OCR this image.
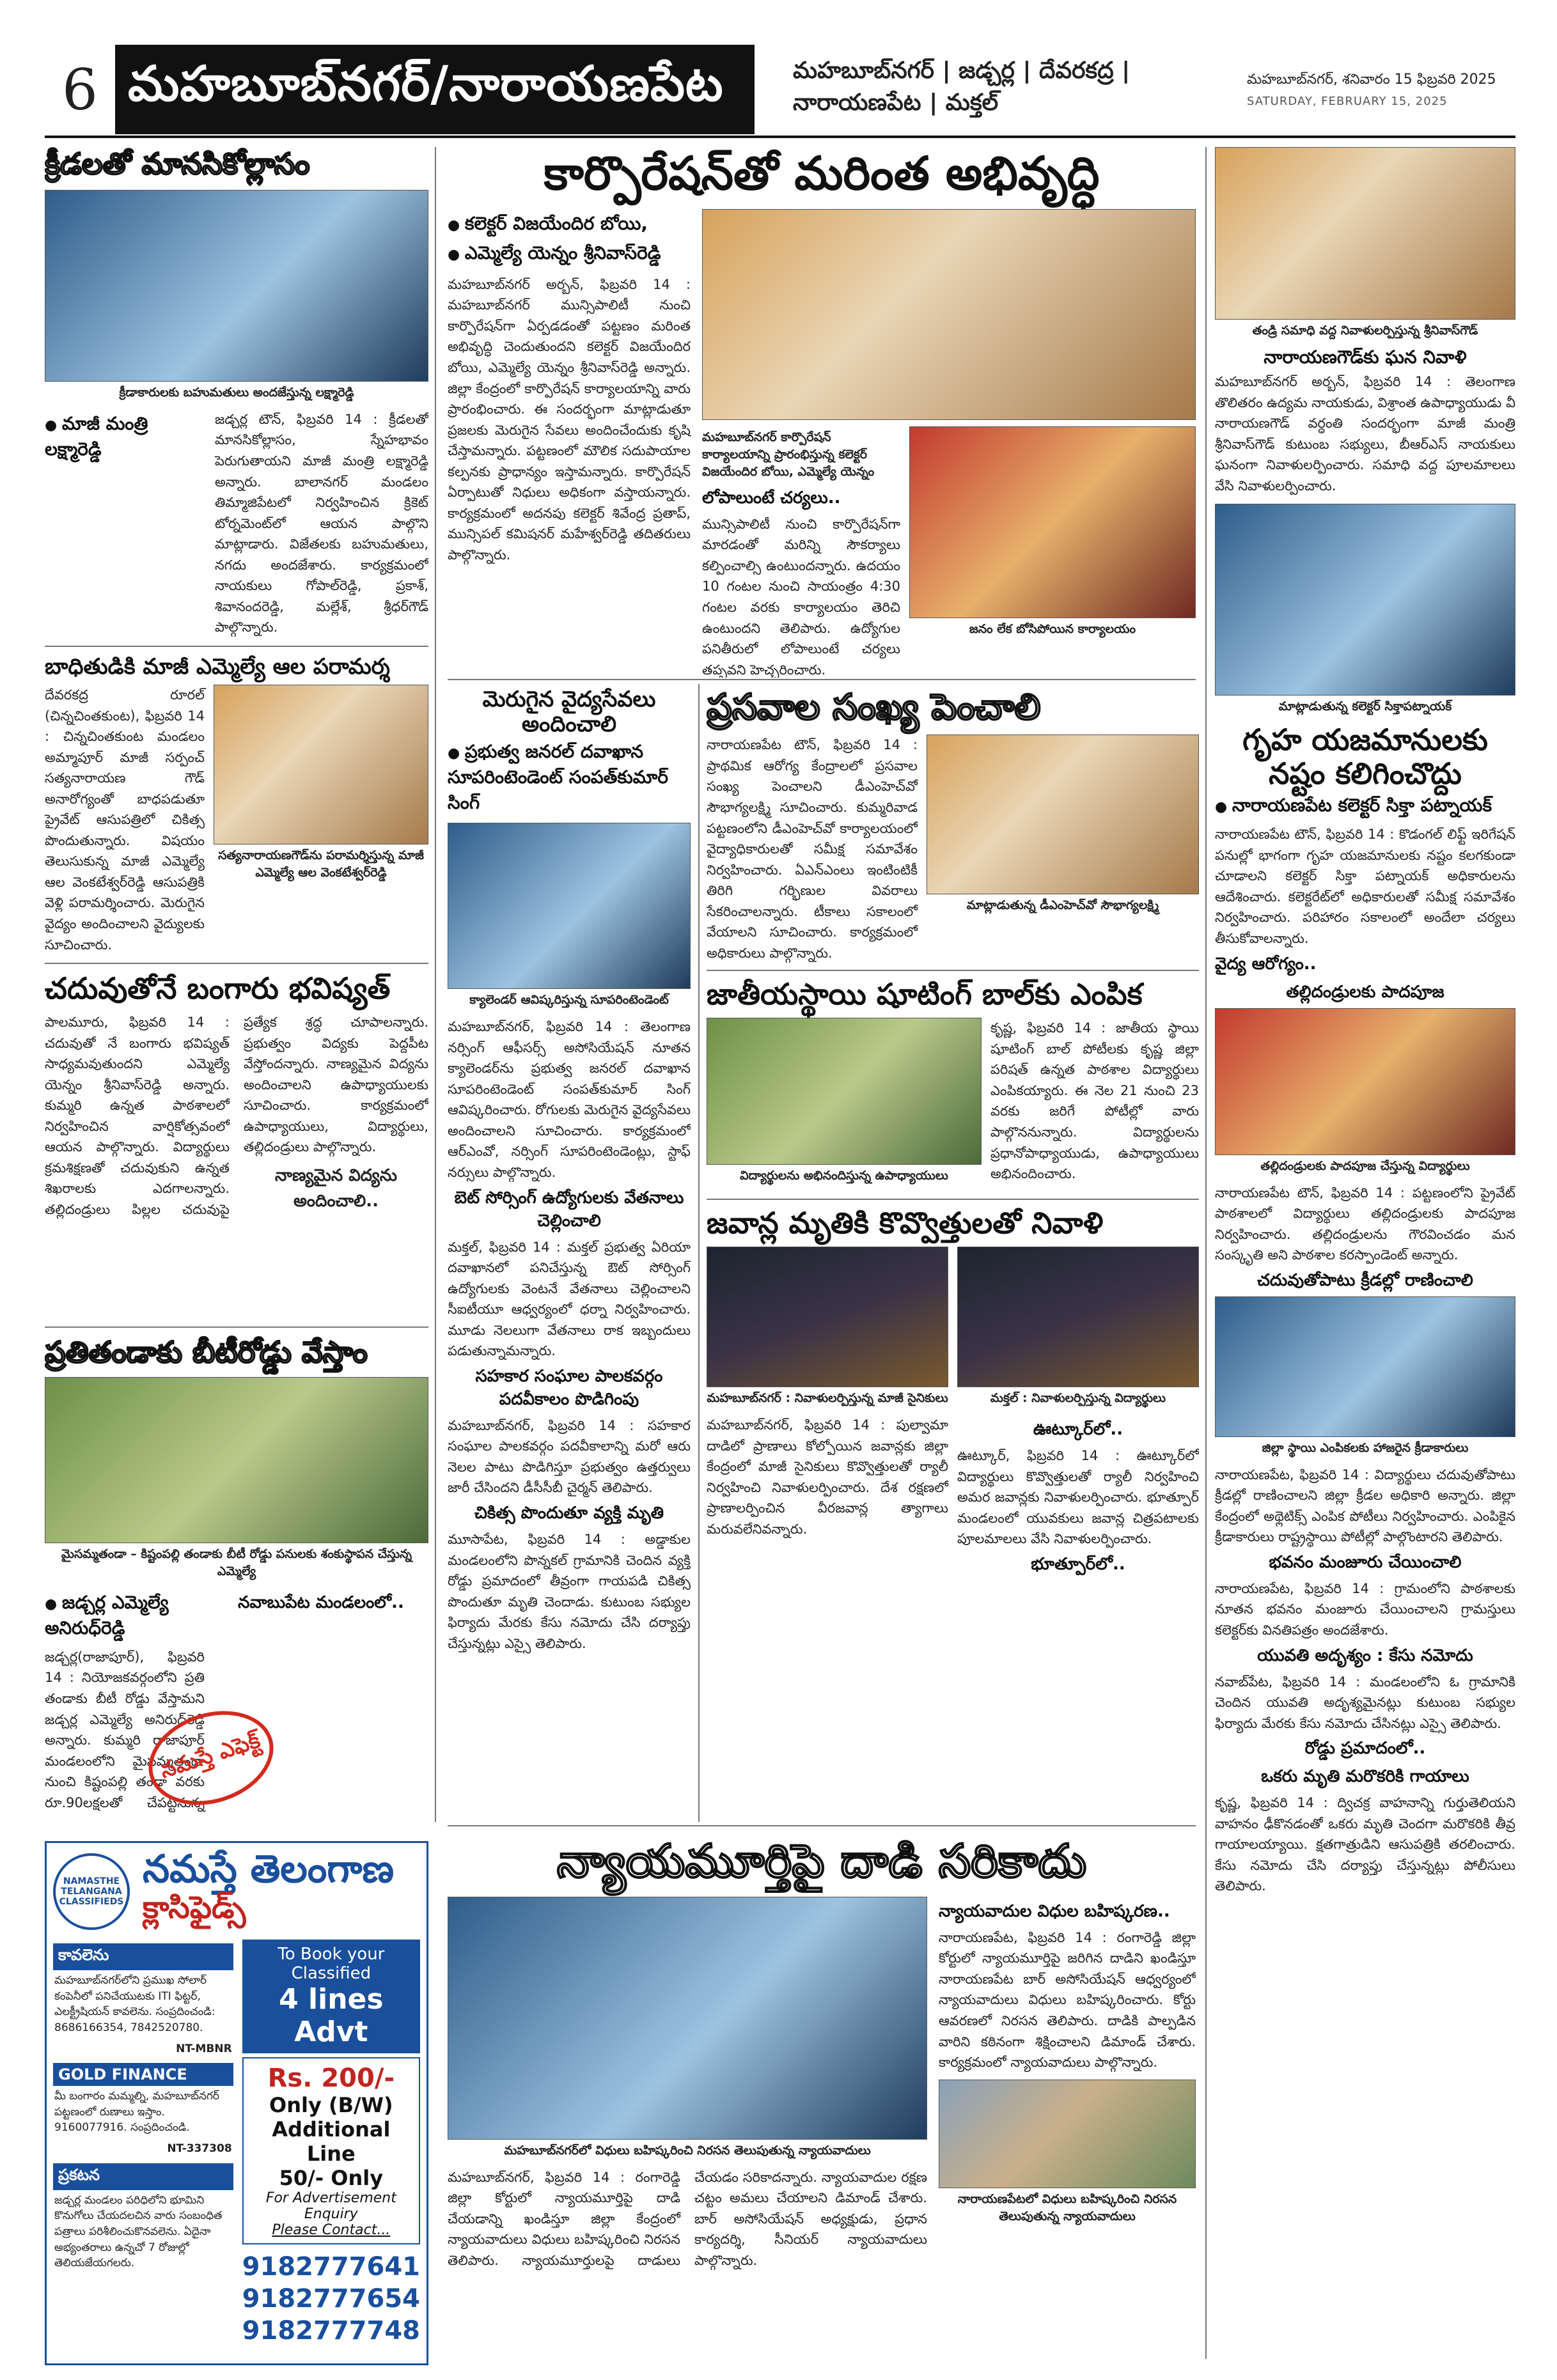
6 మహబూబ్‌నగర్/నారాయణపేట	మహబూబ్‌నగర్ | జడ్చర్ల | దేవరకద్ర | నారాయణపేట | మక్తల్
మహబూబ్‌నగర్, శనివారం 15 ఫిబ్రవరి 2025
SATURDAY, FEBRUARY 15, 2025
క్రీడలతో మానసికోల్లాసం
క్రీడాకారులకు బహుమతులు అందజేస్తున్న లక్ష్మారెడ్డి
● మాజీ మంత్రి లక్ష్మారెడ్డి
జడ్చర్ల టౌన్, ఫిబ్రవరి 14 : క్రీడలతో మానసికోల్లాసం, స్నేహభావం పెరుగుతాయని మాజీ మంత్రి లక్ష్మారెడ్డి అన్నారు. బాలానగర్ మండలం తిమ్మాజిపేటలో నిర్వహించిన క్రికెట్ టోర్నమెంట్‌లో ఆయన పాల్గొని మాట్లాడారు. విజేతలకు బహుమతులు, నగదు అందజేశారు. కార్యక్రమంలో నాయకులు గోపాల్‌రెడ్డి, ప్రకాశ్, శివానందరెడ్డి, మల్లేశ్, శ్రీధర్‌గౌడ్ పాల్గొన్నారు.
బాధితుడికి మాజీ ఎమ్మెల్యే ఆల పరామర్శ
దేవరకద్ర రూరల్ (చిన్నచింతకుంట), ఫిబ్రవరి 14 : చిన్నచింతకుంట మండలం అమ్మాపూర్ మాజీ సర్పంచ్ సత్యనారాయణ గౌడ్ అనారోగ్యంతో బాధపడుతూ ప్రైవేట్ ఆసుపత్రిలో చికిత్స పొందుతున్నారు. విషయం తెలుసుకున్న మాజీ ఎమ్మెల్యే ఆల వెంకటేశ్వర్‌రెడ్డి ఆసుపత్రికి వెళ్లి పరామర్శించారు. మెరుగైన వైద్యం అందించాలని వైద్యులకు సూచించారు.
సత్యనారాయణగౌడ్‌ను పరామర్శిస్తున్న మాజీ ఎమ్మెల్యే ఆల వెంకటేశ్వర్‌రెడ్డి
చదువుతోనే బంగారు భవిష్యత్
పాలమూరు, ఫిబ్రవరి 14 : చదువుతో నే బంగారు భవిష్యత్ సాధ్యమవుతుందని ఎమ్మెల్యే యెన్నం శ్రీనివాస్‌రెడ్డి అన్నారు. కుమ్మరి ఉన్నత పాఠశాలలో నిర్వహించిన వార్షికోత్సవంలో ఆయన పాల్గొన్నారు. విద్యార్థులు క్రమశిక్షణతో చదువుకుని ఉన్నత శిఖరాలకు ఎదగాలన్నారు. తల్లిదండ్రులు పిల్లల చదువుపై ప్రత్యేక శ్రద్ధ చూపాలన్నారు. ప్రభుత్వం విద్యకు పెద్దపీట వేస్తోందన్నారు. నాణ్యమైన విద్యను అందించాలని ఉపాధ్యాయులకు సూచించారు. కార్యక్రమంలో ఉపాధ్యాయులు, విద్యార్థులు, తల్లిదండ్రులు పాల్గొన్నారు.
నాణ్యమైన విద్యను అందించాలి..
ప్రతితండాకు బీటీరోడ్డు వేస్తాం
మైసమ్మతండా – కిష్టంపల్లి తండాకు బీటీ రోడ్డు పనులకు శంకుస్థాపన చేస్తున్న ఎమ్మెల్యే
● జడ్చర్ల ఎమ్మెల్యే అనిరుధ్‌రెడ్డి
జడ్చర్ల(రాజాపూర్), ఫిబ్రవరి 14 : నియోజకవర్గంలోని ప్రతి తండాకు బీటీ రోడ్డు వేస్తామని జడ్చర్ల ఎమ్మెల్యే అనిరుధ్‌రెడ్డి అన్నారు. కుమ్మరి రాజాపూర్ మండలంలోని మైసమ్మతండా నుంచి కిష్టంపల్లి తండా వరకు రూ.90లక్షలతో చేపట్టనున్న
నవాబుపేట మండలంలో..
నమస్తే ఎఫెక్ట్
NAMASTHE TELANGANA CLASSIFIEDS
నమస్తే తెలంగాణ
క్లాసిఫైడ్స్
కావలెను
మహబూబ్‌నగర్‌లోని ప్రముఖ సోలార్ కంపెనీలో పనిచేయుటకు ITI ఫిట్టర్, ఎలక్ట్రీషియన్ కావలెను. సంప్రదించండి: 8686166354, 7842520780.
NT-MBNR
GOLD FINANCE
మీ బంగారం మమ్మల్ని, మహబూబ్‌నగర్ పట్టణంలో రుణాలు ఇస్తాం. 9160077916. సంప్రదించండి.
NT-337308
ప్రకటన
జడ్చర్ల మండలం పరిధిలోని భూమిని కొనుగోలు చేయదలచిన వారు సంబంధిత పత్రాలు పరిశీలించుకొనవలెను. ఏదైనా అభ్యంతరాలు ఉన్నచో 7 రోజుల్లో తెలియజేయగలరు.
To Book your Classified
4 lines Advt
Rs. 200/-
Only (B/W)
Additional Line
50/- Only
For Advertisement Enquiry
Please Contact...
9182777641
9182777654
9182777748
కార్పొరేషన్‌తో మరింత అభివృద్ధి
● కలెక్టర్ విజయేందిర బోయి,
● ఎమ్మెల్యే యెన్నం శ్రీనివాస్‌రెడ్డి
మహబూబ్‌నగర్ అర్బన్, ఫిబ్రవరి 14 : మహబూబ్‌నగర్ మున్సిపాలిటీ నుంచి కార్పొరేషన్‌గా ఏర్పడడంతో పట్టణం మరింత అభివృద్ధి చెందుతుందని కలెక్టర్ విజయేందిర బోయి, ఎమ్మెల్యే యెన్నం శ్రీనివాస్‌రెడ్డి అన్నారు. జిల్లా కేంద్రంలో కార్పొరేషన్ కార్యాలయాన్ని వారు ప్రారంభించారు. ఈ సందర్భంగా మాట్లాడుతూ ప్రజలకు మెరుగైన సేవలు అందించేందుకు కృషి చేస్తామన్నారు. పట్టణంలో మౌలిక సదుపాయాల కల్పనకు ప్రాధాన్యం ఇస్తామన్నారు. కార్పొరేషన్ ఏర్పాటుతో నిధులు అధికంగా వస్తాయన్నారు. కార్యక్రమంలో అదనపు కలెక్టర్ శివేంద్ర ప్రతాప్, మున్సిపల్ కమిషనర్ మహేశ్వర్‌రెడ్డి తదితరులు పాల్గొన్నారు.
మహబూబ్‌నగర్ కార్పొరేషన్ కార్యాలయాన్ని ప్రారంభిస్తున్న కలెక్టర్ విజయేందిర బోయి, ఎమ్మెల్యే యెన్నం
లోపాలుంటే చర్యలు..
మున్సిపాలిటీ నుంచి కార్పొరేషన్‌గా మారడంతో మరిన్ని సౌకర్యాలు కల్పించాల్సి ఉంటుందన్నారు. ఉదయం 10 గంటల నుంచి సాయంత్రం 4:30 గంటల వరకు కార్యాలయం తెరిచి ఉంటుందని తెలిపారు. ఉద్యోగుల పనితీరులో లోపాలుంటే చర్యలు తప్పవని హెచ్చరించారు.
జనం లేక బోసిపోయిన కార్యాలయం
మెరుగైన వైద్యసేవలు అందించాలి
● ప్రభుత్వ జనరల్ దవాఖాన సూపరింటెండెంట్ సంపత్‌కుమార్ సింగ్
క్యాలెండర్ ఆవిష్కరిస్తున్న సూపరింటెండెంట్
మహబూబ్‌నగర్, ఫిబ్రవరి 14 : తెలంగాణ నర్సింగ్ ఆఫీసర్స్ అసోసియేషన్ నూతన క్యాలెండర్‌ను ప్రభుత్వ జనరల్ దవాఖాన సూపరింటెండెంట్ సంపత్‌కుమార్ సింగ్ ఆవిష్కరించారు. రోగులకు మెరుగైన వైద్యసేవలు అందించాలని సూచించారు. కార్యక్రమంలో ఆర్‌ఎంవో, నర్సింగ్ సూపరింటెండెంట్లు, స్టాఫ్ నర్సులు పాల్గొన్నారు.
బెట్ సోర్సింగ్ ఉద్యోగులకు వేతనాలు చెల్లించాలి
మక్తల్, ఫిబ్రవరి 14 : మక్తల్ ప్రభుత్వ ఏరియా దవాఖానలో పనిచేస్తున్న ఔట్ సోర్సింగ్ ఉద్యోగులకు వెంటనే వేతనాలు చెల్లించాలని సీఐటీయూ ఆధ్వర్యంలో ధర్నా నిర్వహించారు. మూడు నెలలుగా వేతనాలు రాక ఇబ్బందులు పడుతున్నామన్నారు.
సహకార సంఘాల పాలకవర్గం పదవీకాలం పొడిగింపు
మహబూబ్‌నగర్, ఫిబ్రవరి 14 : సహకార సంఘాల పాలకవర్గం పదవీకాలాన్ని మరో ఆరు నెలల పాటు పొడిగిస్తూ ప్రభుత్వం ఉత్తర్వులు జారీ చేసిందని డీసీసీబీ చైర్మన్ తెలిపారు.
చికిత్స పొందుతూ వ్యక్తి మృతి
మూసాపేట, ఫిబ్రవరి 14 : అడ్డాకుల మండలంలోని పొన్నకల్ గ్రామానికి చెందిన వ్యక్తి రోడ్డు ప్రమాదంలో తీవ్రంగా గాయపడి చికిత్స పొందుతూ మృతి చెందాడు. కుటుంబ సభ్యుల ఫిర్యాదు మేరకు కేసు నమోదు చేసి దర్యాప్తు చేస్తున్నట్లు ఎస్సై తెలిపారు.
ప్రసవాల సంఖ్య పెంచాలి
నారాయణపేట టౌన్, ఫిబ్రవరి 14 : ప్రాథమిక ఆరోగ్య కేంద్రాలలో ప్రసవాల సంఖ్య పెంచాలని డీఎంహెచ్‌వో సౌభాగ్యలక్ష్మి సూచించారు. కుమ్మరివాడ పట్టణంలోని డీఎంహెచ్‌వో కార్యాలయంలో వైద్యాధికారులతో సమీక్ష సమావేశం నిర్వహించారు. ఏఎన్‌ఎంలు ఇంటింటికీ తిరిగి గర్భిణుల వివరాలు సేకరించాలన్నారు. టీకాలు సకాలంలో వేయాలని సూచించారు. కార్యక్రమంలో అధికారులు పాల్గొన్నారు.
మాట్లాడుతున్న డీఎంహెచ్‌వో సౌభాగ్యలక్ష్మి
జాతీయస్థాయి షూటింగ్ బాల్‌కు ఎంపిక
విద్యార్థులను అభినందిస్తున్న ఉపాధ్యాయులు
కృష్ణ, ఫిబ్రవరి 14 : జాతీయ స్థాయి షూటింగ్ బాల్ పోటీలకు కృష్ణ జిల్లా పరిషత్ ఉన్నత పాఠశాల విద్యార్థులు ఎంపికయ్యారు. ఈ నెల 21 నుంచి 23 వరకు జరిగే పోటీల్లో వారు పాల్గొననున్నారు. విద్యార్థులను ప్రధానోపాధ్యాయుడు, ఉపాధ్యాయులు అభినందించారు.
జవాన్ల మృతికి కొవ్వొత్తులతో నివాళి
మహబూబ్‌నగర్ : నివాళులర్పిస్తున్న మాజీ సైనికులు	మక్తల్ : నివాళులర్పిస్తున్న విద్యార్థులు
మహబూబ్‌నగర్, ఫిబ్రవరి 14 : పుల్వామా దాడిలో ప్రాణాలు కోల్పోయిన జవాన్లకు జిల్లా కేంద్రంలో మాజీ సైనికులు కొవ్వొత్తులతో ర్యాలీ నిర్వహించి నివాళులర్పించారు. దేశ రక్షణలో ప్రాణాలర్పించిన వీరజవాన్ల త్యాగాలు మరువలేనివన్నారు.
ఊట్కూర్‌లో..
ఊట్కూర్, ఫిబ్రవరి 14 : ఊట్కూర్‌లో విద్యార్థులు కొవ్వొత్తులతో ర్యాలీ నిర్వహించి అమర జవాన్లకు నివాళులర్పించారు. భూత్పూర్ మండలంలో యువకులు జవాన్ల చిత్రపటాలకు పూలమాలలు వేసి నివాళులర్పించారు.
భూత్పూర్‌లో..
తండ్రి సమాధి వద్ద నివాళులర్పిస్తున్న శ్రీనివాస్‌గౌడ్
నారాయణగౌడ్‌కు ఘన నివాళి
మహబూబ్‌నగర్ అర్బన్, ఫిబ్రవరి 14 : తెలంగాణ తొలితరం ఉద్యమ నాయకుడు, విశ్రాంత ఉపాధ్యాయుడు వీ నారాయణగౌడ్ వర్ధంతి సందర్భంగా మాజీ మంత్రి శ్రీనివాస్‌గౌడ్ కుటుంబ సభ్యులు, బీఆర్‌ఎస్ నాయకులు ఘనంగా నివాళులర్పించారు. సమాధి వద్ద పూలమాలలు వేసి నివాళులర్పించారు.
మాట్లాడుతున్న కలెక్టర్ సిక్తాపట్నాయక్
గృహ యజమానులకు నష్టం కలిగించొద్దు
● నారాయణపేట కలెక్టర్ సిక్తా పట్నాయక్
నారాయణపేట టౌన్, ఫిబ్రవరి 14 : కొడంగల్ లిఫ్ట్ ఇరిగేషన్ పనుల్లో భాగంగా గృహ యజమానులకు నష్టం కలగకుండా చూడాలని కలెక్టర్ సిక్తా పట్నాయక్ అధికారులను ఆదేశించారు. కలెక్టరేట్‌లో అధికారులతో సమీక్ష సమావేశం నిర్వహించారు. పరిహారం సకాలంలో అందేలా చర్యలు తీసుకోవాలన్నారు.
వైద్య ఆరోగ్యం..
తల్లిదండ్రులకు పాదపూజ
తల్లిదండ్రులకు పాదపూజ చేస్తున్న విద్యార్థులు
నారాయణపేట టౌన్, ఫిబ్రవరి 14 : పట్టణంలోని ప్రైవేట్ పాఠశాలలో విద్యార్థులు తల్లిదండ్రులకు పాదపూజ నిర్వహించారు. తల్లిదండ్రులను గౌరవించడం మన సంస్కృతి అని పాఠశాల కరస్పాండెంట్ అన్నారు.
చదువుతోపాటు క్రీడల్లో రాణించాలి
జిల్లా స్థాయి ఎంపికలకు హాజరైన క్రీడాకారులు
నారాయణపేట, ఫిబ్రవరి 14 : విద్యార్థులు చదువుతోపాటు క్రీడల్లో రాణించాలని జిల్లా క్రీడల అధికారి అన్నారు. జిల్లా కేంద్రంలో అథ్లెటిక్స్ ఎంపిక పోటీలు నిర్వహించారు. ఎంపికైన క్రీడాకారులు రాష్ట్రస్థాయి పోటీల్లో పాల్గొంటారని తెలిపారు.
భవనం మంజూరు చేయించాలి
నారాయణపేట, ఫిబ్రవరి 14 : గ్రామంలోని పాఠశాలకు నూతన భవనం మంజూరు చేయించాలని గ్రామస్తులు కలెక్టర్‌కు వినతిపత్రం అందజేశారు.
యువతి అదృశ్యం : కేసు నమోదు
నవాబ్‌పేట, ఫిబ్రవరి 14 : మండలంలోని ఓ గ్రామానికి చెందిన యువతి అదృశ్యమైనట్లు కుటుంబ సభ్యుల ఫిర్యాదు మేరకు కేసు నమోదు చేసినట్లు ఎస్సై తెలిపారు.
రోడ్డు ప్రమాదంలో..
ఒకరు మృతి మరొకరికి గాయాలు
కృష్ణ, ఫిబ్రవరి 14 : ద్విచక్ర వాహనాన్ని గుర్తుతెలియని వాహనం ఢీకొనడంతో ఒకరు మృతి చెందగా మరొకరికి తీవ్ర గాయాలయ్యాయి. క్షతగాత్రుడిని ఆసుపత్రికి తరలించారు. కేసు నమోదు చేసి దర్యాప్తు చేస్తున్నట్లు పోలీసులు తెలిపారు.
న్యాయమూర్తిపై దాడి సరికాదు
మహబూబ్‌నగర్‌లో విధులు బహిష్కరించి నిరసన తెలుపుతున్న న్యాయవాదులు
మహబూబ్‌నగర్, ఫిబ్రవరి 14 : రంగారెడ్డి జిల్లా కోర్టులో న్యాయమూర్తిపై దాడి చేయడాన్ని ఖండిస్తూ జిల్లా కేంద్రంలో న్యాయవాదులు విధులు బహిష్కరించి నిరసన తెలిపారు. న్యాయమూర్తులపై దాడులు చేయడం సరికాదన్నారు. న్యాయవాదుల రక్షణ చట్టం అమలు చేయాలని డిమాండ్ చేశారు. బార్ అసోసియేషన్ అధ్యక్షుడు, ప్రధాన కార్యదర్శి, సీనియర్ న్యాయవాదులు పాల్గొన్నారు.
న్యాయవాదుల విధుల బహిష్కరణ..
నారాయణపేట, ఫిబ్రవరి 14 : రంగారెడ్డి జిల్లా కోర్టులో న్యాయమూర్తిపై జరిగిన దాడిని ఖండిస్తూ నారాయణపేట బార్ అసోసియేషన్ ఆధ్వర్యంలో న్యాయవాదులు విధులు బహిష్కరించారు. కోర్టు ఆవరణలో నిరసన తెలిపారు. దాడికి పాల్పడిన వారిని కఠినంగా శిక్షించాలని డిమాండ్ చేశారు. కార్యక్రమంలో న్యాయవాదులు పాల్గొన్నారు.
నారాయణపేటలో విధులు బహిష్కరించి నిరసన తెలుపుతున్న న్యాయవాదులు
